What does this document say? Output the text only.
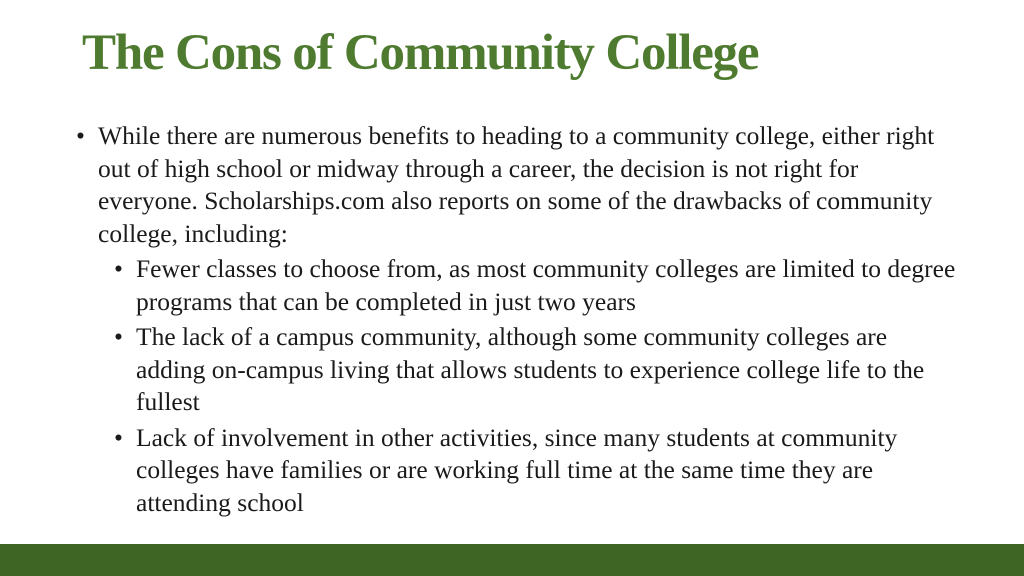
The Cons of Community College
• While there are numerous benefits to heading to a community college, either right out of high school or midway through a career, the decision is not right for everyone. Scholarships.com also reports on some of the drawbacks of community college, including:
• Fewer classes to choose from, as most community colleges are limited to degree programs that can be completed in just two years
• The lack of a campus community, although some community colleges are adding on-campus living that allows students to experience college life to the fullest
• Lack of involvement in other activities, since many students at community colleges have families or are working full time at the same time they are attending school
